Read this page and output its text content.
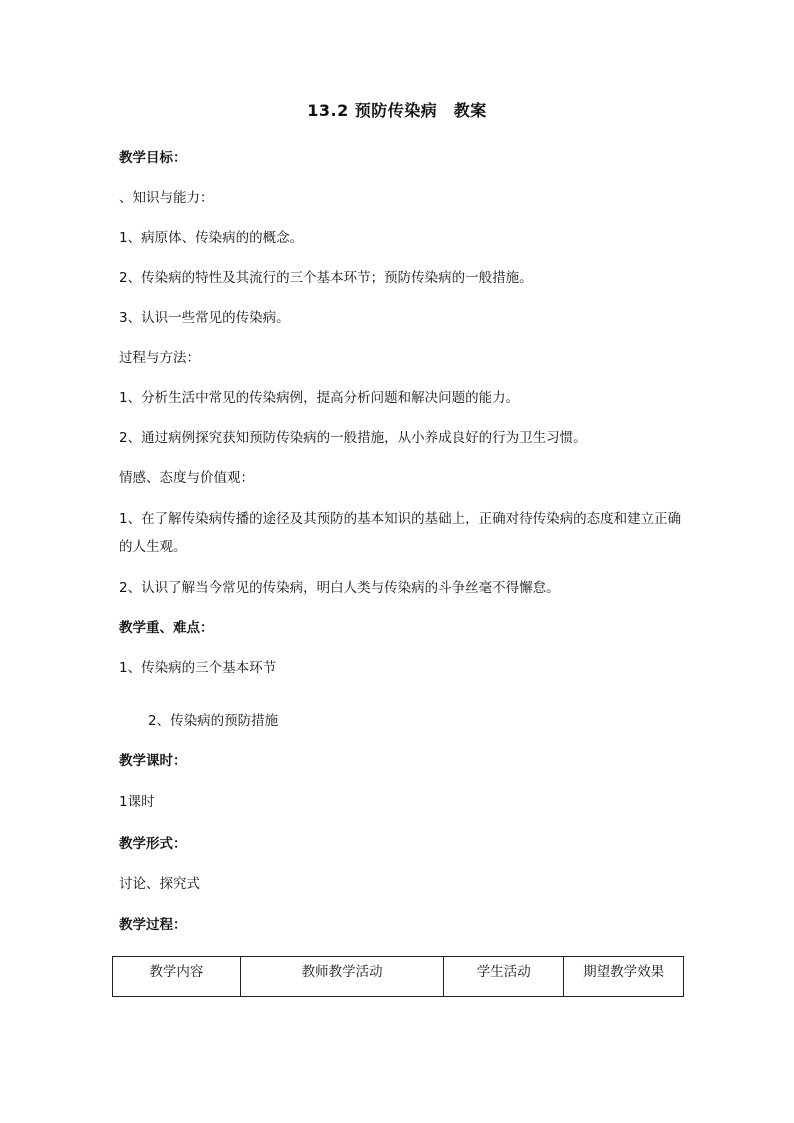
13.2 预防传染病　教案
教学目标：
、知识与能力：
1、病原体、传染病的的概念。
2、传染病的特性及其流行的三个基本环节；预防传染病的一般措施。
3、认识一些常见的传染病。
过程与方法：
1、分析生活中常见的传染病例，提高分析问题和解决问题的能力。
2、通过病例探究获知预防传染病的一般措施，从小养成良好的行为卫生习惯。
情感、态度与价值观：
1、在了解传染病传播的途径及其预防的基本知识的基础上，正确对待传染病的态度和建立正确的人生观。
2、认识了解当今常见的传染病，明白人类与传染病的斗争丝毫不得懈怠。
教学重、难点：
1、传染病的三个基本环节
2、传染病的预防措施
教学课时：
1课时
教学形式：
讨论、探究式
教学过程：
教学内容	教师教学活动	学生活动	期望教学效果
